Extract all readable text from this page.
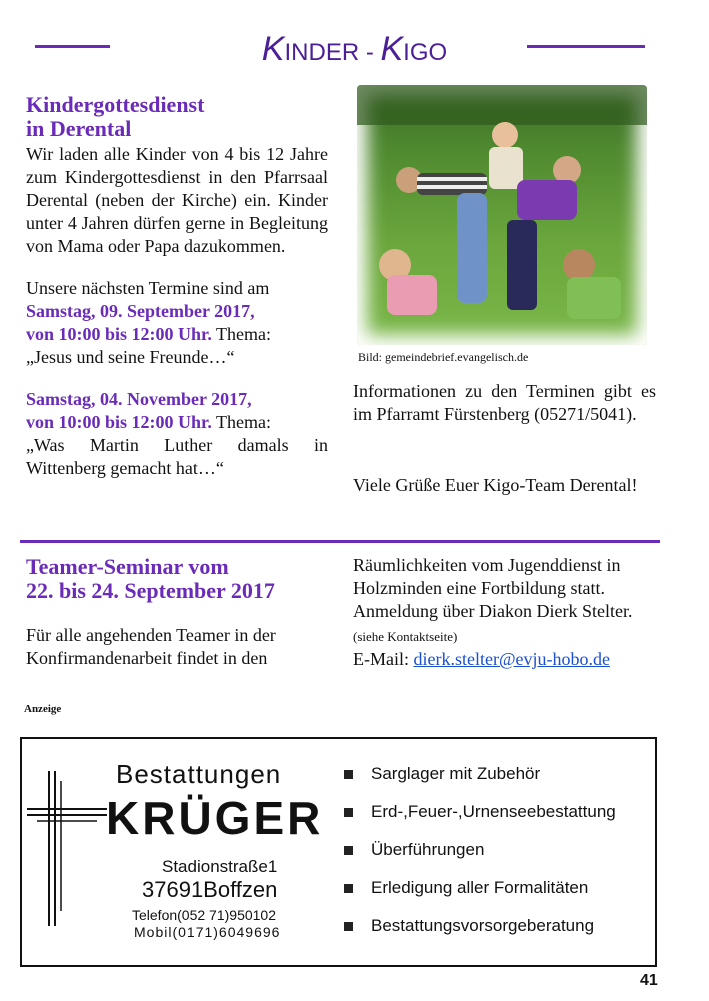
KINDER - KIGO
Kindergottesdienst
in Derental
Wir laden alle Kinder von 4 bis 12 Jahre zum Kindergottesdienst in den Pfarrsaal Derental (neben der Kirche) ein. Kinder unter 4 Jahren dürfen gerne in Begleitung von Mama oder Papa dazukommen.
Unsere nächsten Termine sind am
Samstag, 09. September 2017,
von 10:00 bis 12:00 Uhr. Thema:
„Jesus und seine Freunde…“
Samstag, 04. November 2017,
von 10:00 bis 12:00 Uhr. Thema:
„Was Martin Luther damals in Wittenberg gemacht hat…“
Bild: gemeindebrief.evangelisch.de
Informationen zu den Terminen gibt es im Pfarramt Fürstenberg (05271/5041).
Viele Grüße Euer Kigo-Team Derental!
Teamer-Seminar vom
22. bis 24. September 2017
Für alle angehenden Teamer in der Konfirmandenarbeit findet in den
Räumlichkeiten vom Jugenddienst in Holzminden eine Fortbildung statt.
Anmeldung über Diakon Dierk Stelter. (siehe Kontaktseite)
E-Mail: dierk.stelter@evju-hobo.de
Anzeige
Bestattungen
KRÜGER
Stadionstraße1
37691Boffzen
Telefon(052 71)950102
Mobil(0171)6049696
Sarglager mit Zubehör
Erd-,Feuer-,Urnenseebestattung
Überführungen
Erledigung aller Formalitäten
Bestattungsvorsorgeberatung
41
